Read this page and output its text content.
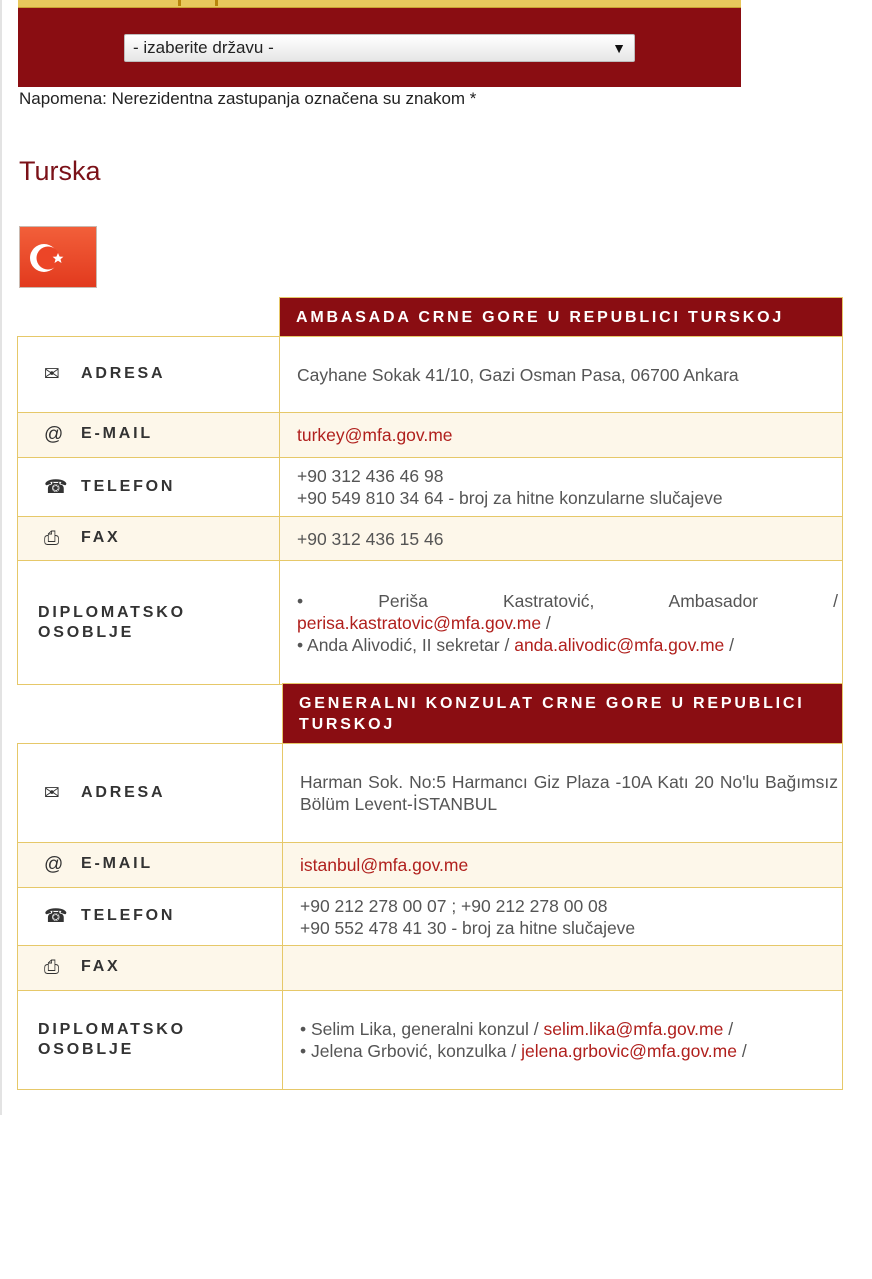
- izaberite državu -	▼
Napomena: Nerezidentna zastupanja označena su znakom *
Turska
	AMBASADA CRNE GORE U REPUBLICI TURSKOJ
✉ ADRESA	Cayhane Sokak 41/10, Gazi Osman Pasa, 06700 Ankara
@ E-MAIL	turkey@mfa.gov.me
☎ TELEFON	+90 312 436 46 98
+90 549 810 34 64 - broj za hitne konzularne slučajeve

⎙ FAX	+90 312 436 15 46
DIPLOMATSKO OSOBLJE	• Periša Kastratović, Ambasador /
perisa.kastratovic@mfa.gov.me /
• Anda Alivodić, II sekretar / anda.alivodic@mfa.gov.me /
	GENERALNI KONZULAT CRNE GORE U REPUBLICI TURSKOJ
✉ ADRESA	Harman Sok. No:5 Harmancı Giz Plaza -10A Katı 20 No'lu Bağımsız Bölüm Levent-İSTANBUL
@ E-MAIL	istanbul@mfa.gov.me
☎ TELEFON	+90 212 278 00 07 ; +90 212 278 00 08
+90 552 478 41 30 - broj za hitne slučajeve

⎙ FAX	
DIPLOMATSKO OSOBLJE	• Selim Lika, generalni konzul / selim.lika@mfa.gov.me /
• Jelena Grbović, konzulka / jelena.grbovic@mfa.gov.me /
